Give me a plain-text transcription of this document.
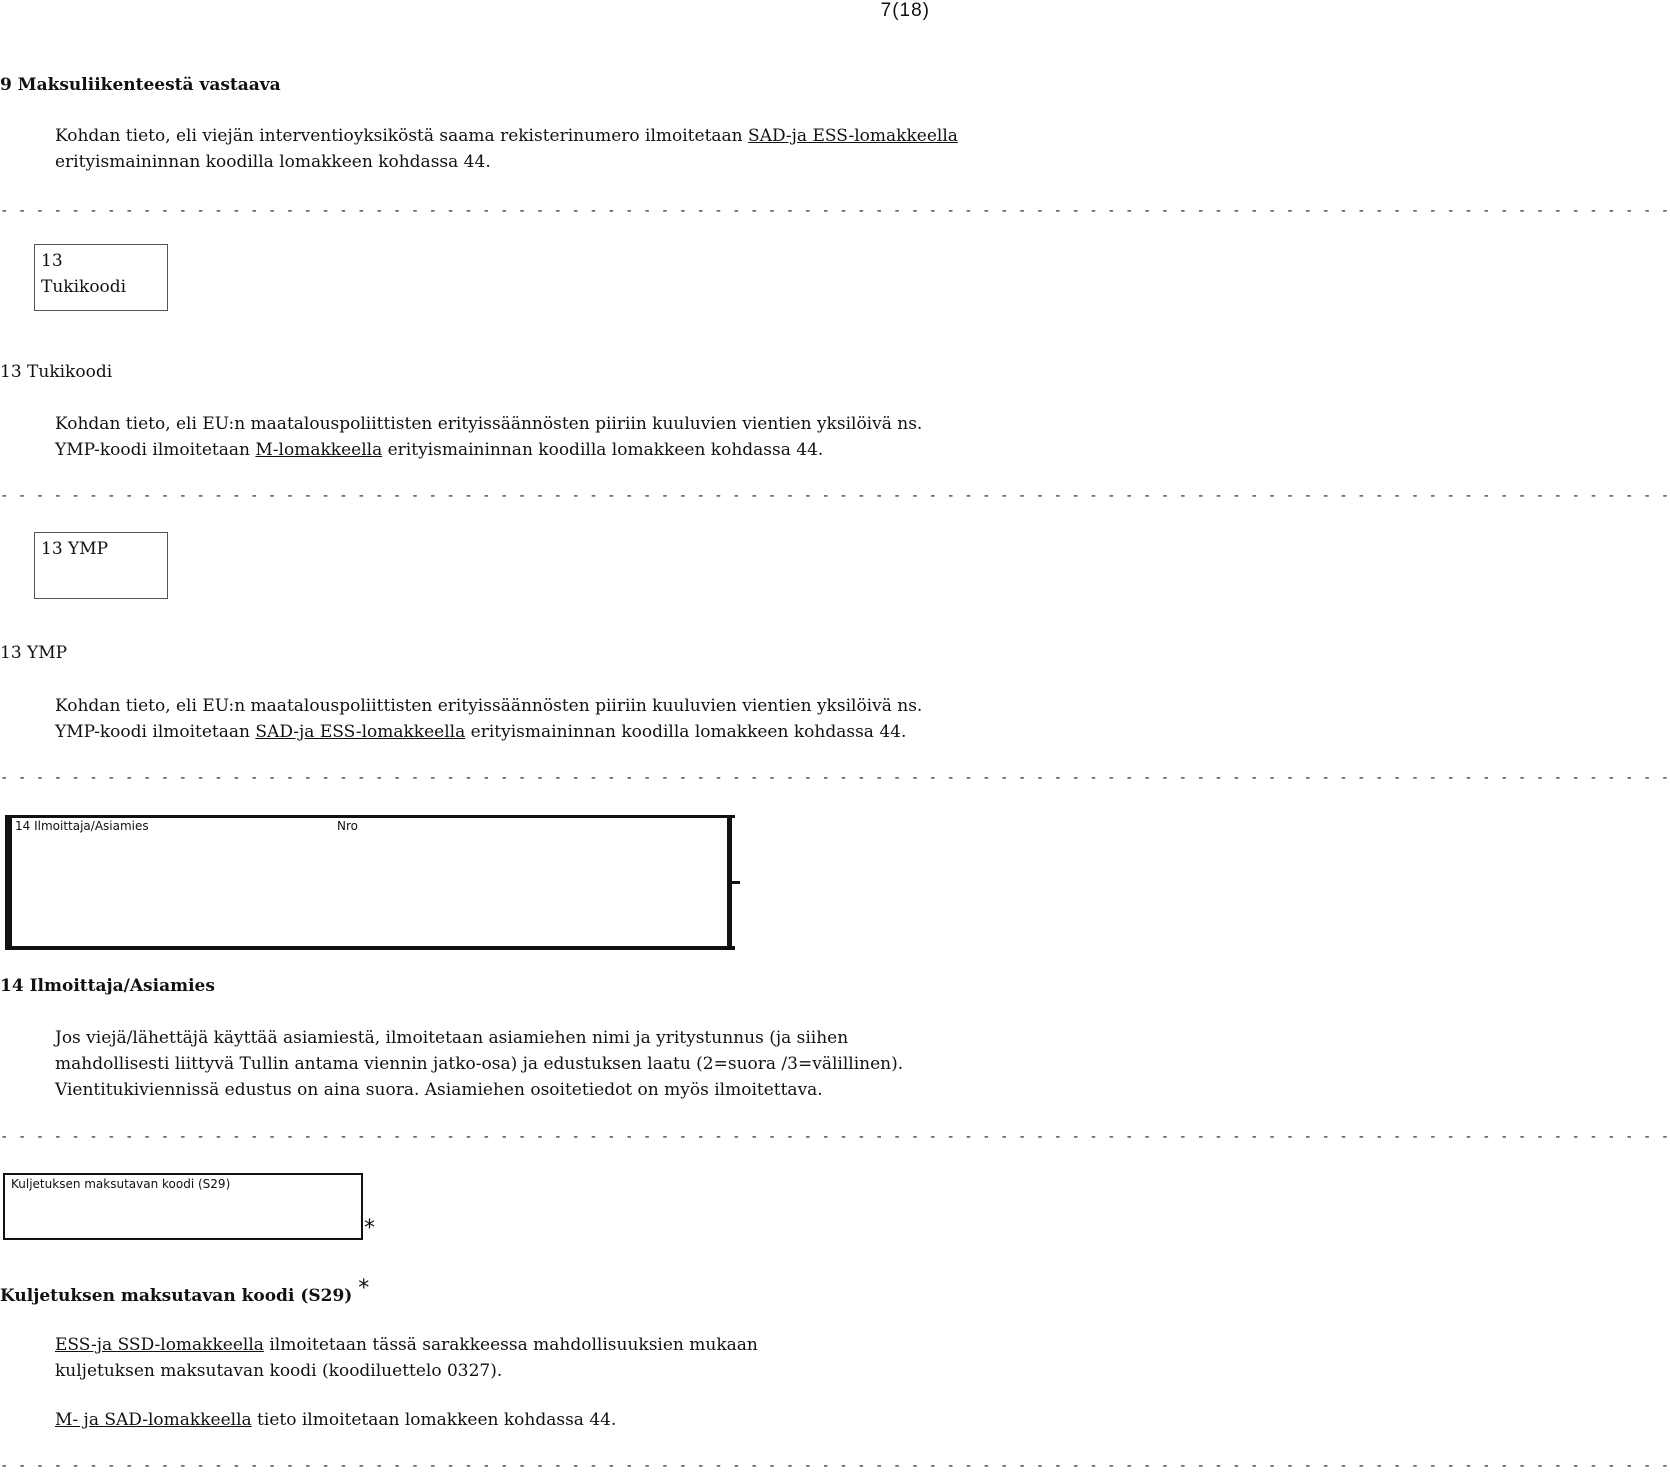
7(18)
9 Maksuliikenteestä vastaava
Kohdan tieto, eli viejän interventioyksiköstä saama rekisterinumero ilmoitetaan SAD-ja ESS-lomakkeella erityismaininnan koodilla lomakkeen kohdassa 44.
- - - - - - - - - - - - - - - - - - - - - - - - - - - - - - - - - - - - - - - - - - - - - - - - - - - - - - - - - - - - - - - - - - - - - - - - - - - - - - - - - - - - - - - - - - - - - -
13
Tukikoodi
13 Tukikoodi
Kohdan tieto, eli EU:n maatalouspoliittisten erityissäännösten piiriin kuuluvien vientien yksilöivä ns. YMP-koodi ilmoitetaan M-lomakkeella erityismaininnan koodilla lomakkeen kohdassa 44.
- - - - - - - - - - - - - - - - - - - - - - - - - - - - - - - - - - - - - - - - - - - - - - - - - - - - - - - - - - - - - - - - - - - - - - - - - - - - - - - - - - - - - - - - - - - - - -
13 YMP
13 YMP
Kohdan tieto, eli EU:n maatalouspoliittisten erityissäännösten piiriin kuuluvien vientien yksilöivä ns. YMP-koodi ilmoitetaan SAD-ja ESS-lomakkeella erityismaininnan koodilla lomakkeen kohdassa 44.
- - - - - - - - - - - - - - - - - - - - - - - - - - - - - - - - - - - - - - - - - - - - - - - - - - - - - - - - - - - - - - - - - - - - - - - - - - - - - - - - - - - - - - - - - - - - - -
14 Ilmoittaja/Asiamies	Nro
14 Ilmoittaja/Asiamies
Jos viejä/lähettäjä käyttää asiamiestä, ilmoitetaan asiamiehen nimi ja yritystunnus (ja siihen mahdollisesti liittyvä Tullin antama viennin jatko-osa) ja edustuksen laatu (2=suora /3=välillinen). Vientitukiviennissä edustus on aina suora. Asiamiehen osoitetiedot on myös ilmoitettava.
- - - - - - - - - - - - - - - - - - - - - - - - - - - - - - - - - - - - - - - - - - - - - - - - - - - - - - - - - - - - - - - - - - - - - - - - - - - - - - - - - - - - - - - - - - - - - -
Kuljetuksen maksutavan koodi (S29)
*
Kuljetuksen maksutavan koodi (S29) *
ESS-ja SSD-lomakkeella ilmoitetaan tässä sarakkeessa mahdollisuuksien mukaan kuljetuksen maksutavan koodi (koodiluettelo 0327).
M- ja SAD-lomakkeella tieto ilmoitetaan lomakkeen kohdassa 44.
- - - - - - - - - - - - - - - - - - - - - - - - - - - - - - - - - - - - - - - - - - - - - - - - - - - - - - - - - - - - - - - - - - - - - - - - - - - - - - - - - - - - - - - - - - - - - -
